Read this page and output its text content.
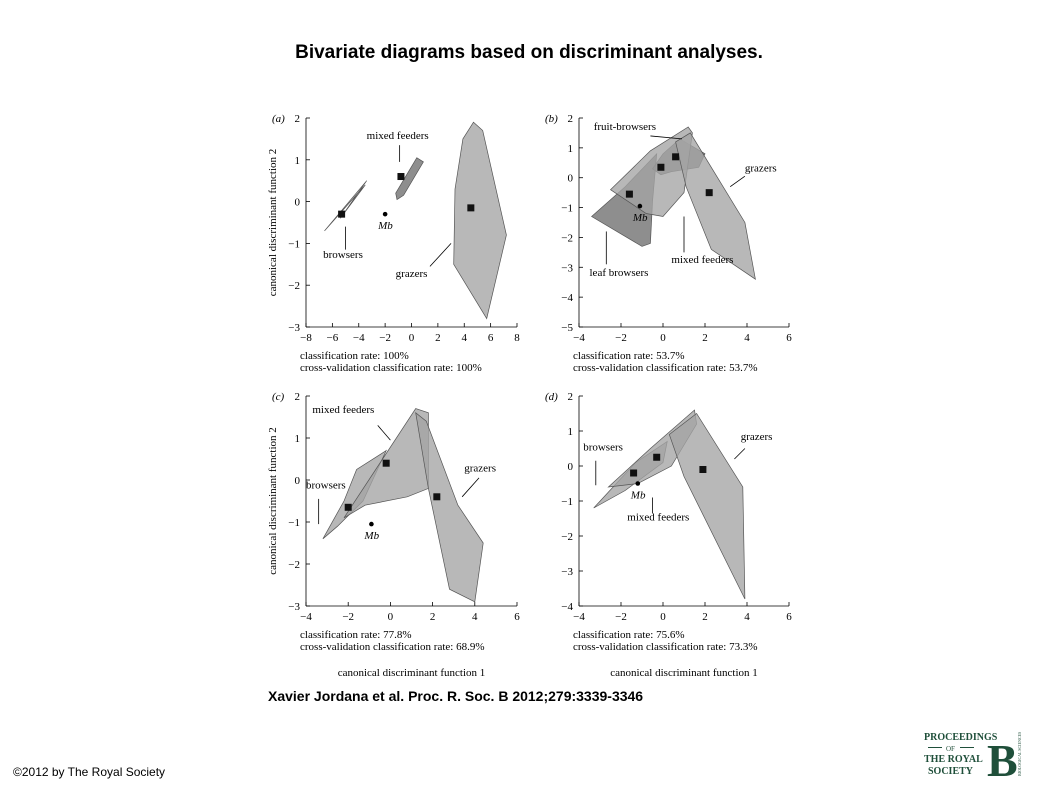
Bivariate diagrams based on discriminant analyses.
−3
−2
−1
0
1
2
−8 −6 −4 −2 0 2 4 6 8
(a)
canonical discriminant function 2	Mb
mixed feeders
browsers
grazers
classification rate: 100%
cross-validation classification rate: 100%
−5
−4
−3
−2
−1
0
1
2
−4	−2	0	2	4	6
(b)
Mb
fruit-browsers
grazers
mixed feeders
leaf browsers
classification rate: 53.7%
cross-validation classification rate: 53.7%
−3
−2
−1
0
1
2
−4	−2	0	2	4	6
(c)
canonical discriminant function 2	Mb
mixed feeders
browsers
grazers
classification rate: 77.8%
cross-validation classification rate: 68.9%
canonical discriminant function 1
−4
−3
−2
−1
0
1
2
−4	−2	0	2	4	6
(d)
Mb
browsers
grazers
mixed feeders
classification rate: 75.6%
cross-validation classification rate: 73.3%
canonical discriminant function 1
Xavier Jordana et al. Proc. R. Soc. B 2012;279:3339-3346
©2012 by The Royal Society
PROCEEDINGS
OF
THE ROYAL
SOCIETY B BIOLOGICAL SCIENCES
